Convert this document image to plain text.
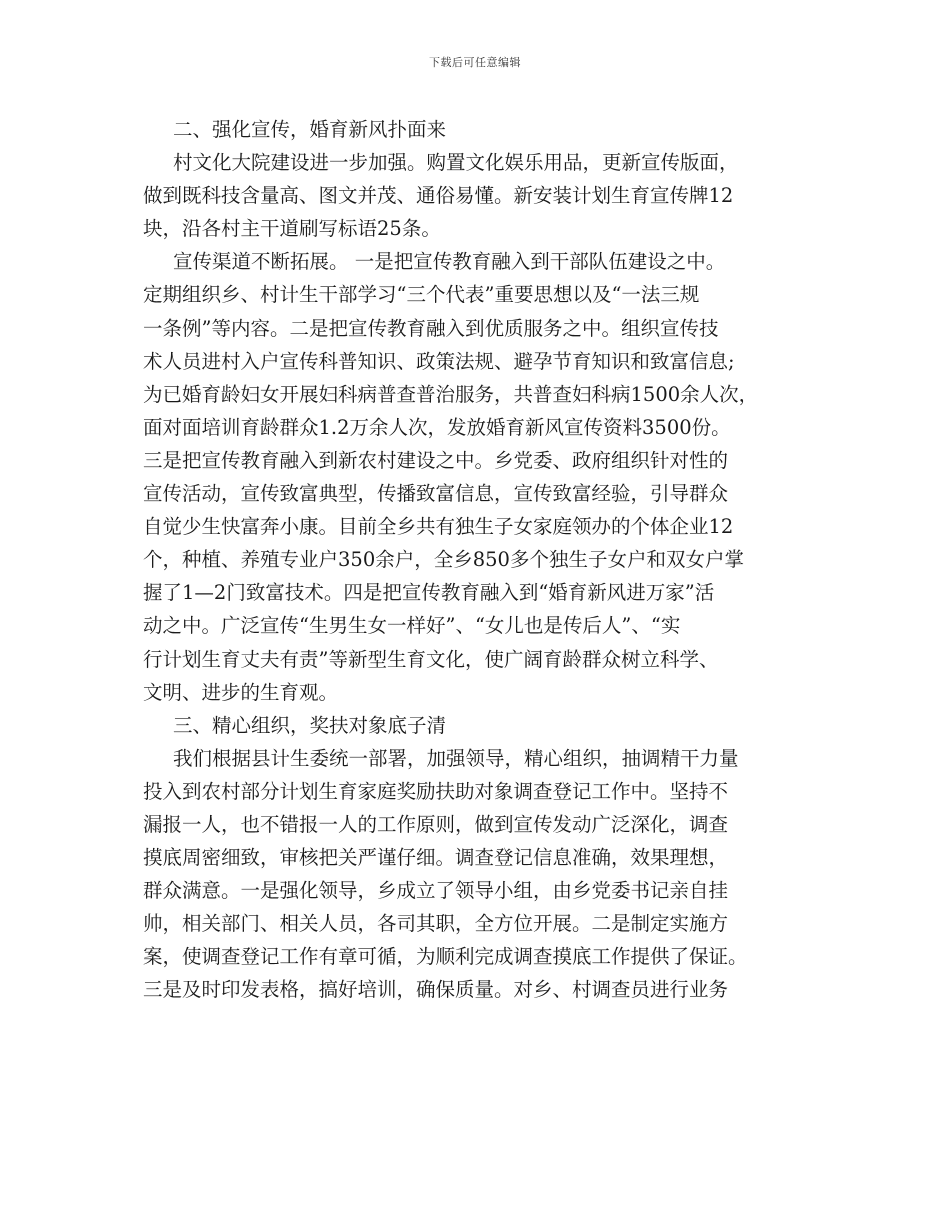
下载后可任意编辑
二、强化宣传，婚育新风扑面来
村文化大院建设进一步加强。购置文化娱乐用品，更新宣传版面，
做到既科技含量高、图文并茂、通俗易懂。新安装计划生育宣传牌12
块，沿各村主干道刷写标语25条。
宣传渠道不断拓展。 一是把宣传教育融入到干部队伍建设之中。
定期组织乡、村计生干部学习“三个代表”重要思想以及“一法三规
一条例”等内容。二是把宣传教育融入到优质服务之中。组织宣传技
术人员进村入户宣传科普知识、政策法规、避孕节育知识和致富信息;
为已婚育龄妇女开展妇科病普查普治服务，共普查妇科病1500余人次，
面对面培训育龄群众1.2万余人次，发放婚育新风宣传资料3500份。
三是把宣传教育融入到新农村建设之中。乡党委、政府组织针对性的
宣传活动，宣传致富典型，传播致富信息，宣传致富经验，引导群众
自觉少生快富奔小康。目前全乡共有独生子女家庭领办的个体企业12
个，种植、养殖专业户350余户，全乡850多个独生子女户和双女户掌
握了1—2门致富技术。四是把宣传教育融入到“婚育新风进万家”活
动之中。广泛宣传“生男生女一样好”、“女儿也是传后人”、“实
行计划生育丈夫有责”等新型生育文化，使广阔育龄群众树立科学、
文明、进步的生育观。
三、精心组织，奖扶对象底子清
我们根据县计生委统一部署，加强领导，精心组织，抽调精干力量
投入到农村部分计划生育家庭奖励扶助对象调查登记工作中。坚持不
漏报一人，也不错报一人的工作原则，做到宣传发动广泛深化，调查
摸底周密细致，审核把关严谨仔细。调查登记信息准确，效果理想，
群众满意。一是强化领导，乡成立了领导小组，由乡党委书记亲自挂
帅，相关部门、相关人员，各司其职，全方位开展。二是制定实施方
案，使调查登记工作有章可循，为顺利完成调查摸底工作提供了保证。
三是及时印发表格，搞好培训，确保质量。对乡、村调查员进行业务
